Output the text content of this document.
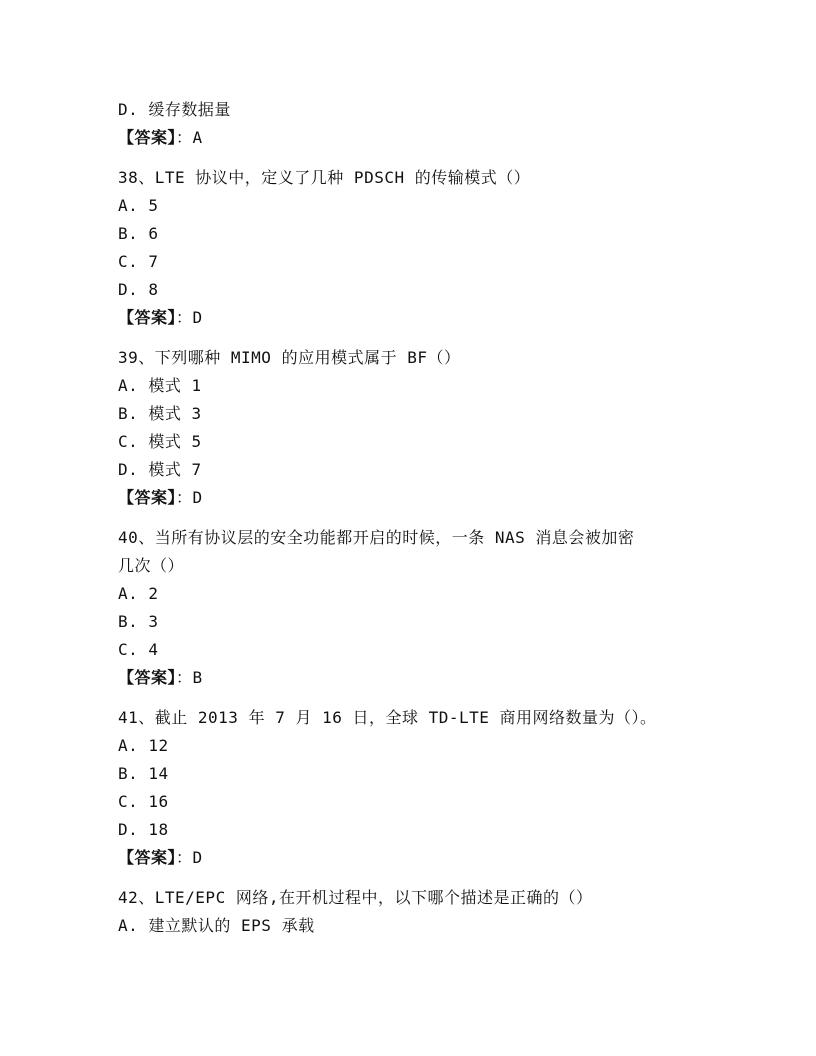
D. 缓存数据量
【答案】：A
38、LTE 协议中，定义了几种 PDSCH 的传输模式（）
A. 5
B. 6
C. 7
D. 8
【答案】：D
39、下列哪种 MIMO 的应用模式属于 BF（）
A. 模式 1
B. 模式 3
C. 模式 5
D. 模式 7
【答案】：D
40、当所有协议层的安全功能都开启的时候，一条 NAS 消息会被加密
几次（）
A. 2
B. 3
C. 4
【答案】：B
41、截止 2013 年 7 月 16 日，全球 TD-LTE 商用网络数量为（）。
A. 12
B. 14
C. 16
D. 18
【答案】：D
42、LTE/EPC 网络,在开机过程中，以下哪个描述是正确的（）
A. 建立默认的 EPS 承载
